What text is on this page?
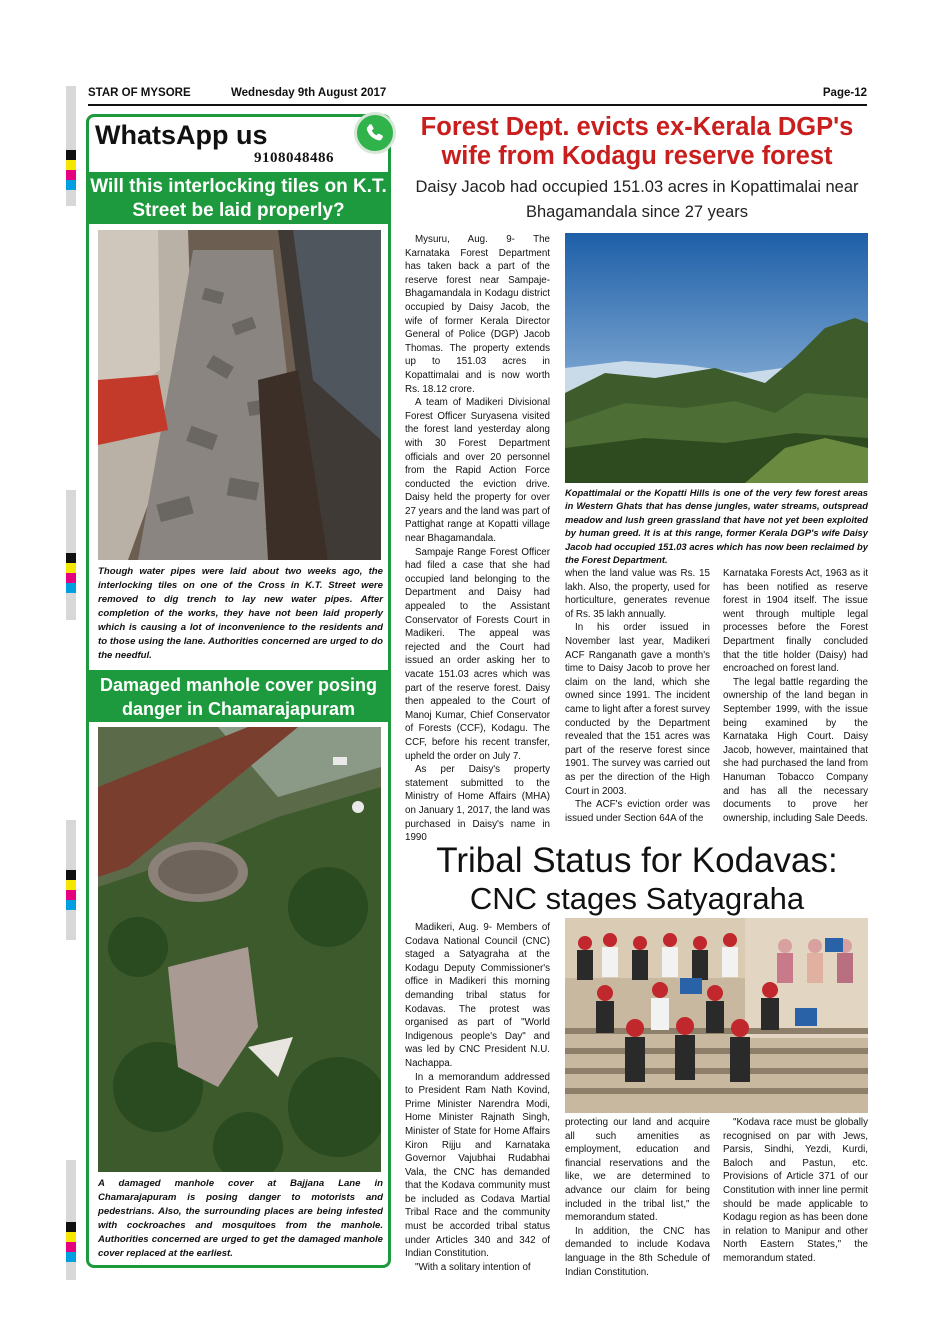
STAR OF MYSORE	Wednesday 9th August 2017	Page-12
WhatsApp us
9108048486
Will this interlocking tiles on K.T. Street be laid properly?
Though water pipes were laid about two weeks ago, the interlocking tiles on one of the Cross in K.T. Street were removed to dig trench to lay new water pipes. After completion of the works, they have not been laid properly which is causing a lot of inconvenience to the residents and to those using the lane. Authorities concerned are urged to do the needful.
Damaged manhole cover posing danger in Chamarajapuram
A damaged manhole cover at Bajjana Lane in Chamarajapuram is posing danger to motorists and pedestrians. Also, the surrounding places are being infested with cockroaches and mosquitoes from the manhole. Authorities concerned are urged to get the damaged manhole cover replaced at the earliest.
Forest Dept. evicts ex-Kerala DGP's wife from Kodagu reserve forest
Daisy Jacob had occupied 151.03 acres in Kopattimalai near Bhagamandala since 27 years

Mysuru, Aug. 9- The Karnataka Forest Department has taken back a part of the reserve forest near Sampaje-Bhagamandala in Kodagu district occupied by Daisy Jacob, the wife of former Kerala Director General of Police (DGP) Jacob Thomas. The property extends up to 151.03 acres in Kopattimalai and is now worth Rs. 18.12 crore.

A team of Madikeri Divisional Forest Officer Suryasena visited the forest land yesterday along with 30 Forest Department officials and over 20 personnel from the Rapid Action Force conducted the eviction drive. Daisy held the property for over 27 years and the land was part of Pattighat range at Kopatti village near Bhagamandala.

Sampaje Range Forest Officer had filed a case that she had occupied land belonging to the Department and Daisy had appealed to the Assistant Conservator of Forests Court in Madikeri. The appeal was rejected and the Court had issued an order asking her to vacate 151.03 acres which was part of the reserve forest. Daisy then appealed to the Court of Manoj Kumar, Chief Conservator of Forests (CCF), Kodagu. The CCF, before his recent transfer, upheld the order on July 7.

As per Daisy's property statement submitted to the Ministry of Home Affairs (MHA) on January 1, 2017, the land was purchased in Daisy's name in 1990

Kopattimalai or the Kopatti Hills is one of the very few forest areas in Western Ghats that has dense jungles, water streams, outspread meadow and lush green grassland that have not yet been exploited by human greed. It is at this range, former Kerala DGP's wife Daisy Jacob had occupied 151.03 acres which has now been reclaimed by the Forest Department.

when the land value was Rs. 15 lakh. Also, the property, used for horticulture, generates revenue of Rs. 35 lakh annually.

In his order issued in November last year, Madikeri ACF Ranganath gave a month's time to Daisy Jacob to prove her claim on the land, which she owned since 1991. The incident came to light after a forest survey conducted by the Department revealed that the 151 acres was part of the reserve forest since 1901. The survey was carried out as per the direction of the High Court in 2003.

The ACF's eviction order was issued under Section 64A of the

Karnataka Forests Act, 1963 as it has been notified as reserve forest in 1904 itself. The issue went through multiple legal processes before the Forest Department finally concluded that the title holder (Daisy) had encroached on forest land.

The legal battle regarding the ownership of the land began in September 1999, with the issue being examined by the Karnataka High Court. Daisy Jacob, however, maintained that she had purchased the land from Hanuman Tobacco Company and has all the necessary documents to prove her ownership, including Sale Deeds.

Tribal Status for Kodavas:
CNC stages Satyagraha

Madikeri, Aug. 9- Members of Codava National Council (CNC) staged a Satyagraha at the Kodagu Deputy Commissioner's office in Madikeri this morning demanding tribal status for Kodavas. The protest was organised as part of "World Indigenous people's Day" and was led by CNC President N.U. Nachappa.

In a memorandum addressed to President Ram Nath Kovind, Prime Minister Narendra Modi, Home Minister Rajnath Singh, Minister of State for Home Affairs Kiron Rijju and Karnataka Governor Vajubhai Rudabhai Vala, the CNC has demanded that the Kodava community must be included as Codava Martial Tribal Race and the community must be accorded tribal status under Articles 340 and 342 of Indian Constitution.

"With a solitary intention of

protecting our land and acquire all such amenities as employment, education and financial reservations and the like, we are determined to advance our claim for being included in the tribal list," the memorandum stated.

In addition, the CNC has demanded to include Kodava language in the 8th Schedule of Indian Constitution.

"Kodava race must be globally recognised on par with Jews, Parsis, Sindhi, Yezdi, Kurdi, Baloch and Pastun, etc. Provisions of Article 371 of our Constitution with inner line permit should be made applicable to Kodagu region as has been done in relation to Manipur and other North Eastern States," the memorandum stated.
